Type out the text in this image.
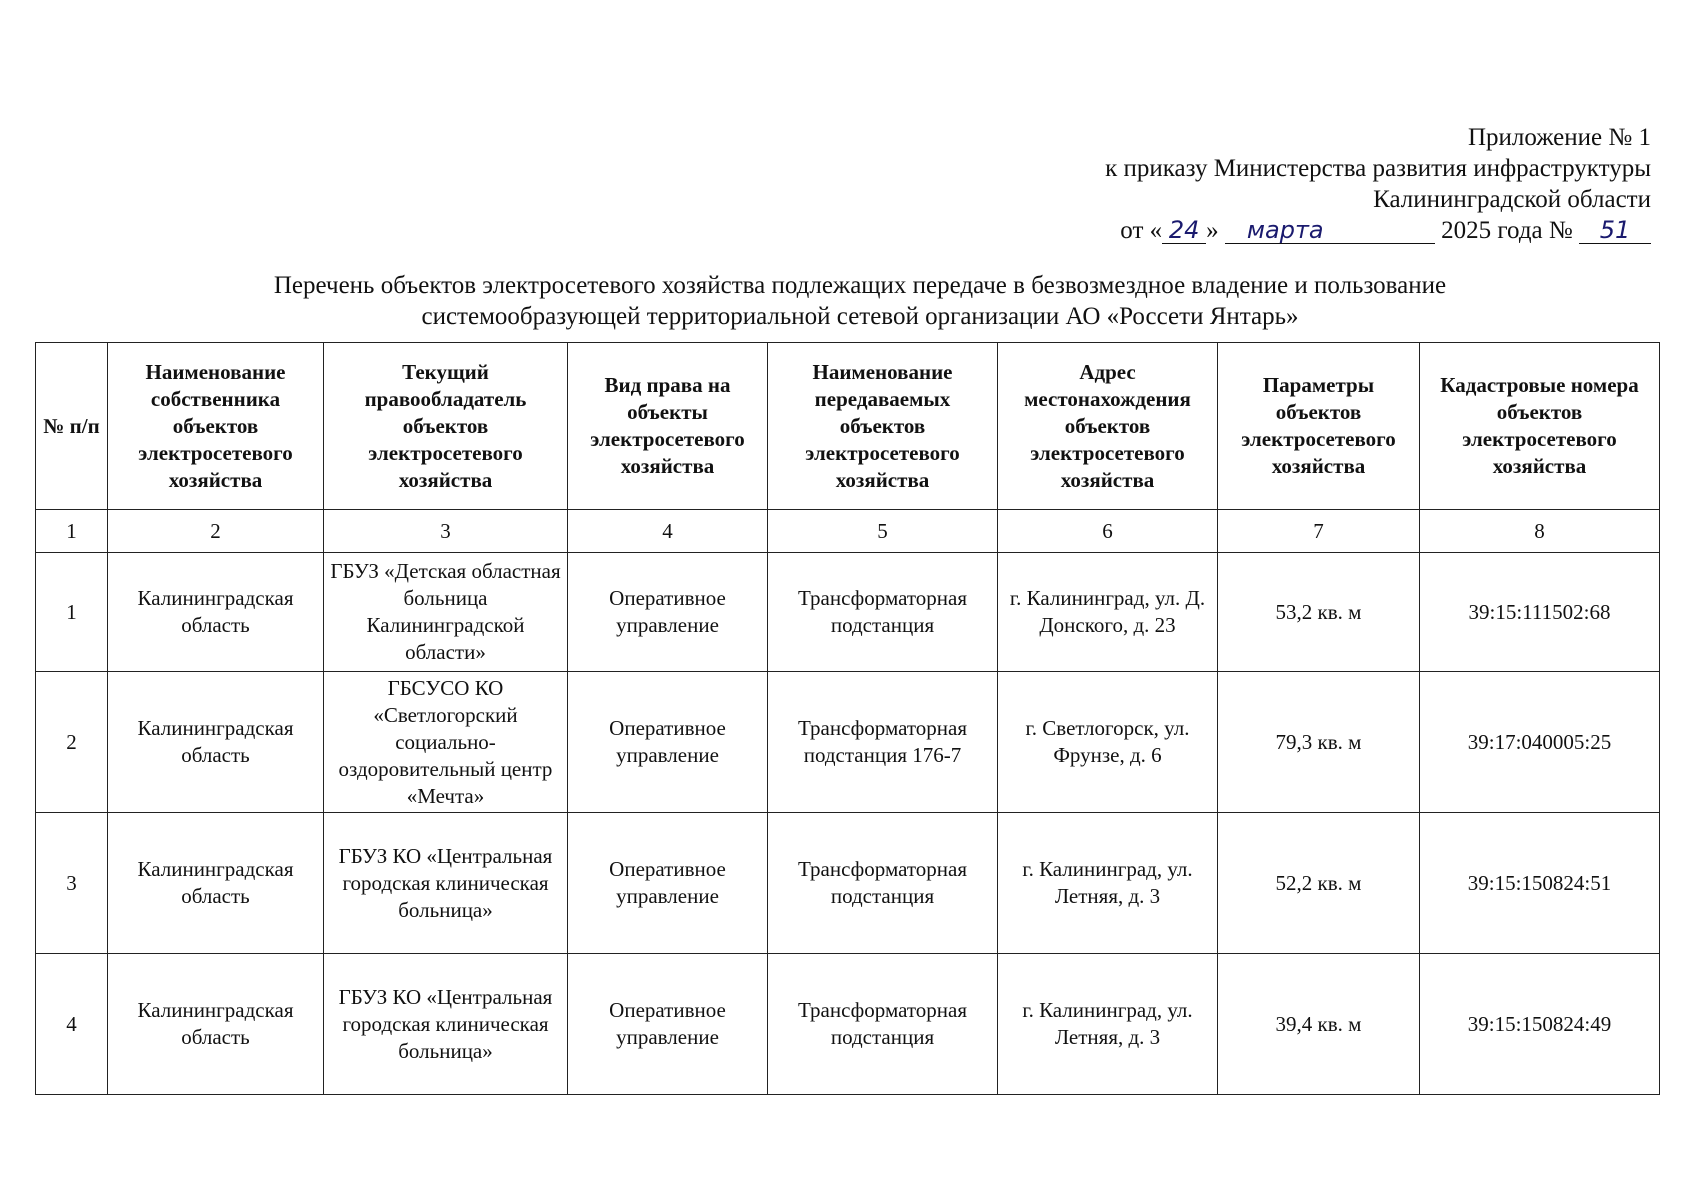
Приложение № 1
к приказу Министерства развития инфраструктуры
Калининградской области
от « 24 » марта	2025 года № 51
Перечень объектов электросетевого хозяйства подлежащих передаче в безвозмездное владение и пользование
системообразующей территориальной сетевой организации АО «Россети Янтарь»
№ п/п	Наименование собственника объектов электросетевого хозяйства	Текущий правообладатель объектов электросетевого хозяйства	Вид права на объекты электросетевого хозяйства	Наименование передаваемых объектов электросетевого хозяйства	Адрес местонахождения объектов электросетевого хозяйства	Параметры объектов электросетевого хозяйства	Кадастровые номера объектов электросетевого хозяйства
1	2	3	4	5	6	7	8
1	Калининградская область	ГБУЗ «Детская областная больница Калининградской области»	Оперативное управление	Трансформаторная подстанция	г. Калининград, ул. Д. Донского, д. 23	53,2 кв. м	39:15:111502:68
2	Калининградская область	ГБСУСО КО «Светлогорский социально-оздоровительный центр «Мечта»	Оперативное управление	Трансформаторная подстанция 176-7	г. Светлогорск, ул. Фрунзе, д. 6	79,3 кв. м	39:17:040005:25
3	Калининградская область	ГБУЗ КО «Центральная городская клиническая больница»	Оперативное управление	Трансформаторная подстанция	г. Калининград, ул. Летняя, д. 3	52,2 кв. м	39:15:150824:51
4	Калининградская область	ГБУЗ КО «Центральная городская клиническая больница»	Оперативное управление	Трансформаторная подстанция	г. Калининград, ул. Летняя, д. 3	39,4 кв. м	39:15:150824:49
